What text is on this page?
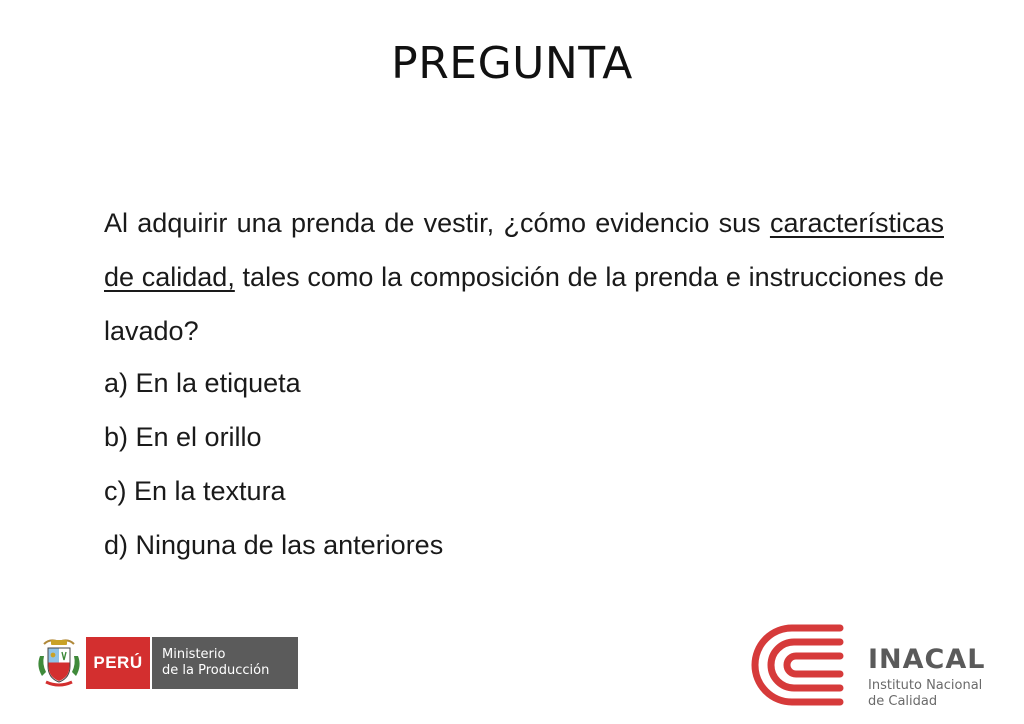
PREGUNTA

Al adquirir una prenda de vestir, ¿cómo evidencio sus características de calidad, tales como la composición de la prenda e instrucciones de lavado?

a) En la etiqueta
b) En el orillo
c) En la textura
d) Ninguna de las anteriores
PERÚ	Ministerio
de la Producción	INACAL
Instituto Nacional
de Calidad
